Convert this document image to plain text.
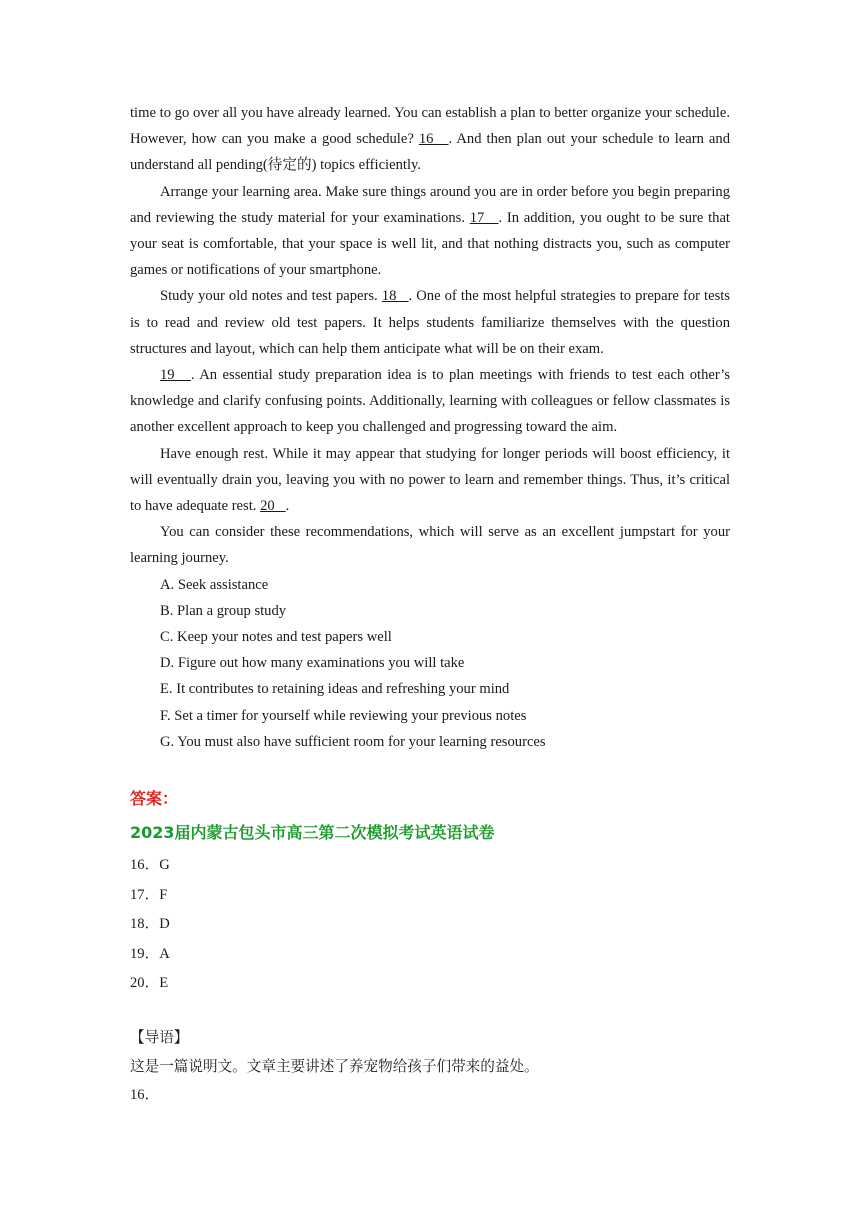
time to go over all you have already learned. You can establish a plan to better organize your schedule. However, how can you make a good schedule? 16   . And then plan out your schedule to learn and understand all pending(待定的) topics efficiently.

Arrange your learning area. Make sure things around you are in order before you begin preparing and reviewing the study material for your examinations. 17   . In addition, you ought to be sure that your seat is comfortable, that your space is well lit, and that nothing distracts you, such as computer games or notifications of your smartphone.

Study your old notes and test papers. 18   . One of the most helpful strategies to prepare for tests is to read and review old test papers. It helps students familiarize themselves with the question structures and layout, which can help them anticipate what will be on their exam.

19   . An essential study preparation idea is to plan meetings with friends to test each other’s knowledge and clarify confusing points. Additionally, learning with colleagues or fellow classmates is another excellent approach to keep you challenged and progressing toward the aim.

Have enough rest. While it may appear that studying for longer periods will boost efficiency, it will eventually drain you, leaving you with no power to learn and remember things. Thus, it’s critical to have adequate rest. 20   .

You can consider these recommendations, which will serve as an excellent jumpstart for your learning journey.

A. Seek assistance
B. Plan a group study
C. Keep your notes and test papers well
D. Figure out how many examinations you will take
E. It contributes to retaining ideas and refreshing your mind
F. Set a timer for yourself while reviewing your previous notes
G. You must also have sufficient room for your learning resources
答案：
2023届内蒙古包头市高三第二次模拟考试英语试卷
16．G
17．F
18．D
19．A
20．E
【导语】
这是一篇说明文。文章主要讲述了养宠物给孩子们带来的益处。
16．
